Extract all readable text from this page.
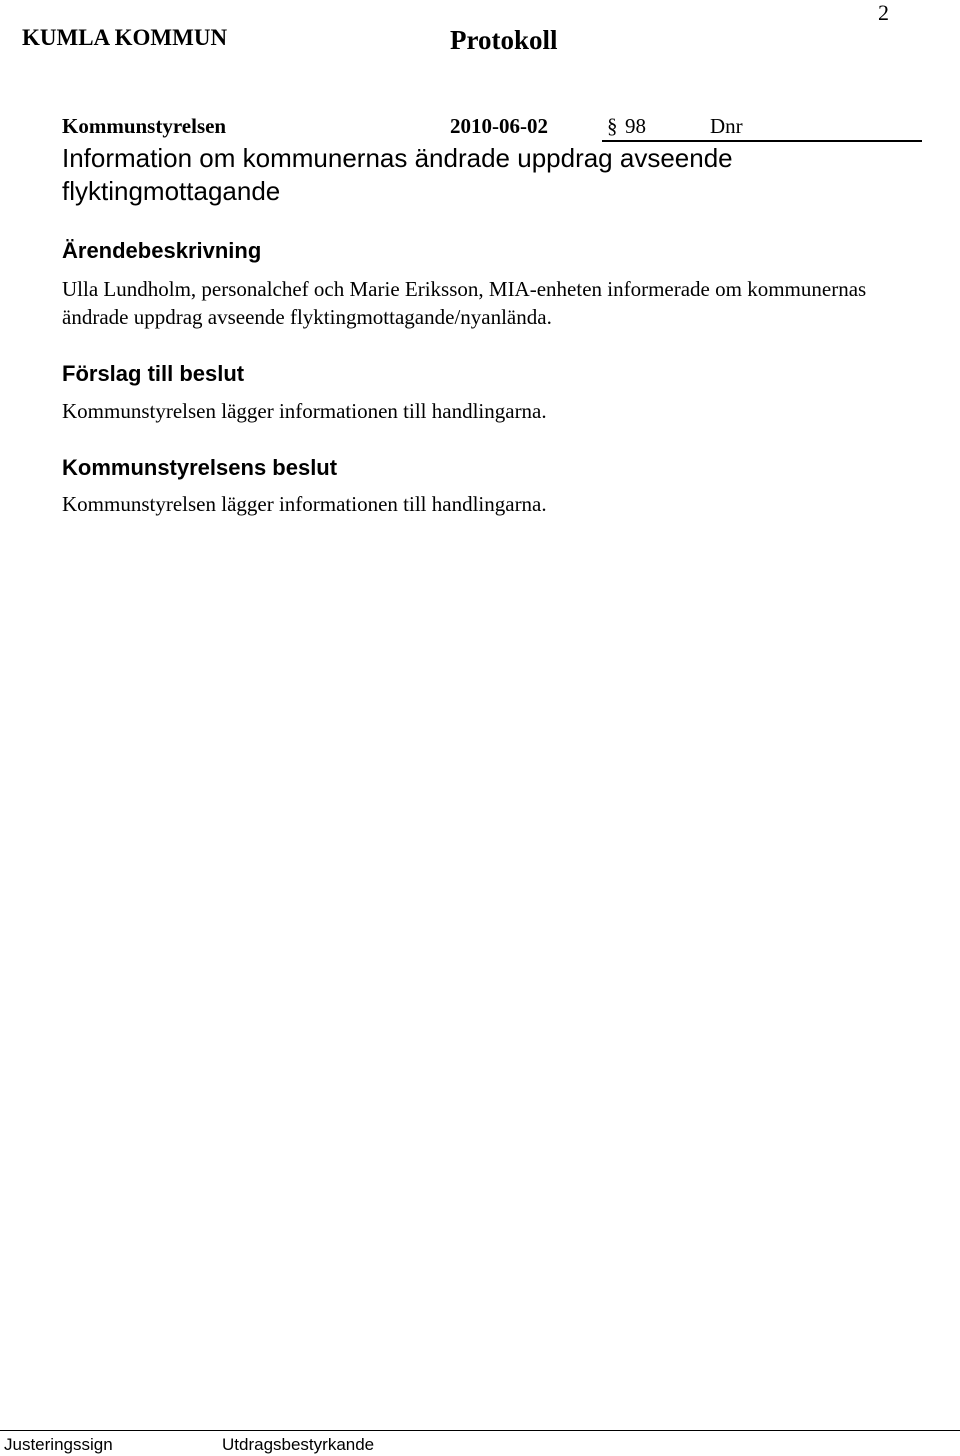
2
KUMLA KOMMUN	Protokoll
Kommunstyrelsen	2010-06-02	§ 98	Dnr
Information om kommunernas ändrade uppdrag avseende flyktingmottagande
Ärendebeskrivning

Ulla Lundholm, personalchef och Marie Eriksson, MIA-enheten informerade om kommunernas ändrade uppdrag avseende flyktingmottagande/nyanlända.

Förslag till beslut

Kommunstyrelsen lägger informationen till handlingarna.

Kommunstyrelsens beslut

Kommunstyrelsen lägger informationen till handlingarna.

Justeringssign	Utdragsbestyrkande
